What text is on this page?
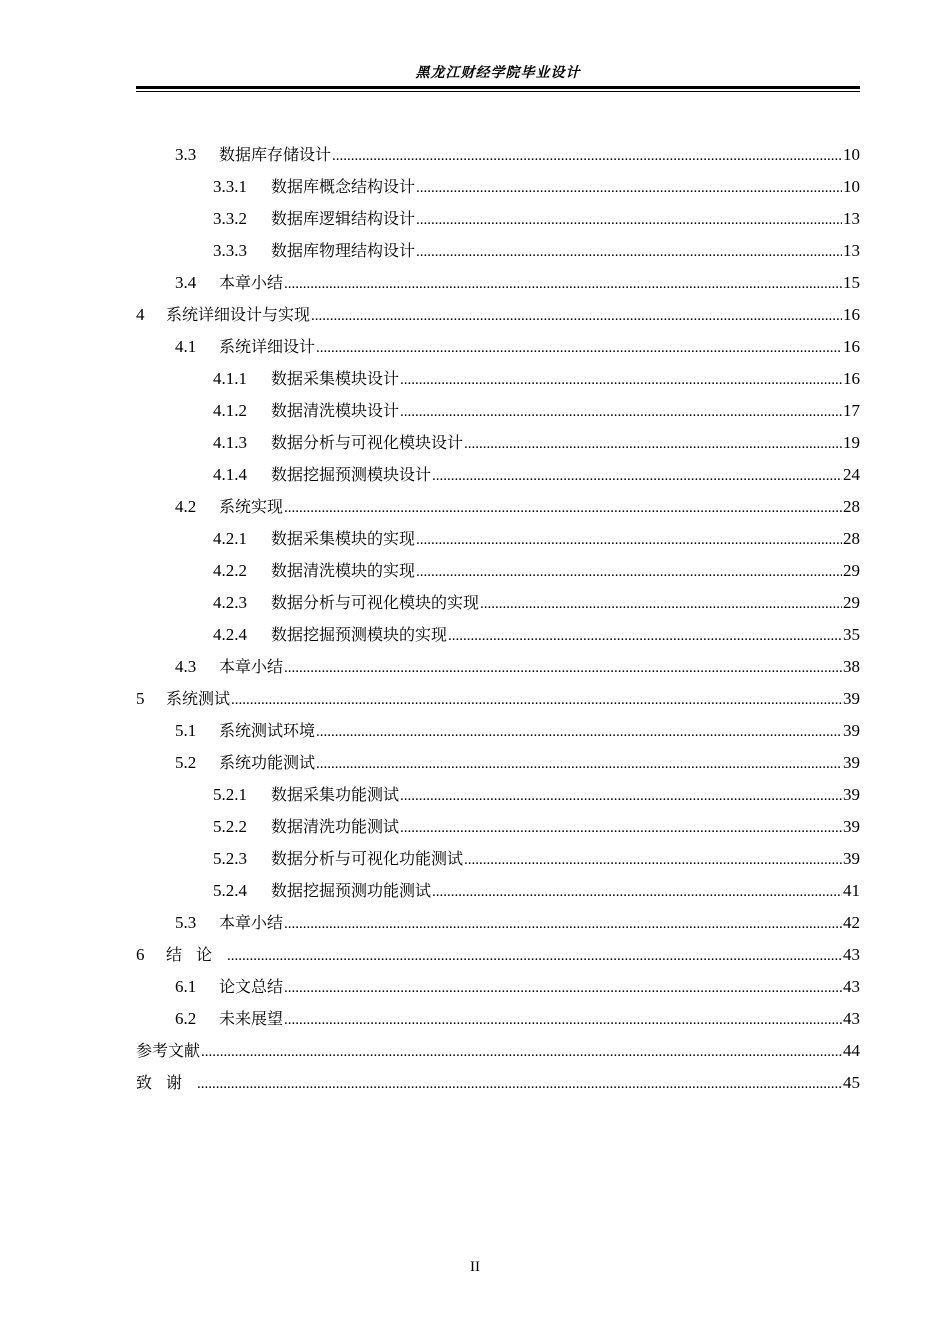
黑龙江财经学院毕业设计
3.3	数据库存储设计 .....	10
3.3.1	数据库概念结构设计 .....	10
3.3.2	数据库逻辑结构设计 .....	13
3.3.3	数据库物理结构设计 .....	13
3.4	本章小结 .....	15
4	系统详细设计与实现 .....	16
4.1	系统详细设计 .....	16
4.1.1	数据采集模块设计 .....	16
4.1.2	数据清洗模块设计 .....	17
4.1.3	数据分析与可视化模块设计 .....	19
4.1.4	数据挖掘预测模块设计 .....	24
4.2	系统实现 .....	28
4.2.1	数据采集模块的实现 .....	28
4.2.2	数据清洗模块的实现 .....	29
4.2.3	数据分析与可视化模块的实现 .....	29
4.2.4	数据挖掘预测模块的实现 .....	35
4.3	本章小结 .....	38
5	系统测试 .....	39
5.1	系统测试环境 .....	39
5.2	系统功能测试 .....	39
5.2.1	数据采集功能测试 .....	39
5.2.2	数据清洗功能测试 .....	39
5.2.3	数据分析与可视化功能测试 .....	39
5.2.4	数据挖掘预测功能测试 .....	41
5.3	本章小结 .....	42
6	结论 .....	43
6.1	论文总结 .....	43
6.2	未来展望 .....	43
参考文献 .....	44
致谢 .....	45
II
